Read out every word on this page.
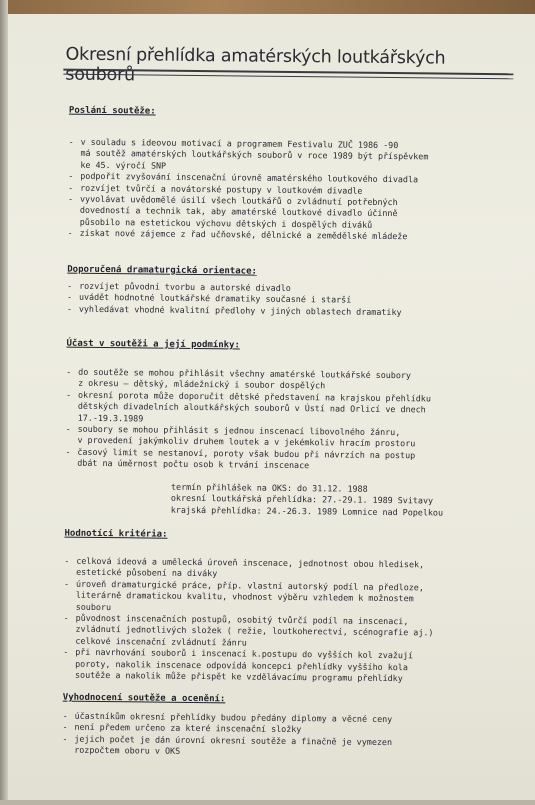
Okresní přehlídka amatérských loutkářských souborů
Poslání soutěže:
- v souladu s ideovou motivací a programem Festivalu ZUČ 1986 -90
má soutěž amatérských loutkářských souborů v roce 1989 být příspěvkem
ke 45. výročí SNP
- podpořit zvyšování inscenační úrovně amatérského loutkového divadla
- rozvíjet tvůrčí a novátorské postupy v loutkovém divadle
- vyvolávat uvědomělé úsilí všech loutkářů o zvládnutí potřebných
dovedností a technik tak, aby amatérské loutkové divadlo účinně
působilo na estetickou výchovu dětských i dospělých diváků
- získat nové zájemce z řad učňovské, dělnické a zemědělské mládeže
Doporučená dramaturgická orientace:
- rozvíjet původní tvorbu a autorské divadlo
- uvádět hodnotné loutkářské dramatiky současné i starší
- vyhledávat vhodné kvalitní předlohy v jiných oblastech dramatiky
Účast v soutěži a její podmínky:
- do soutěže se mohou přihlásit všechny amatérské loutkářské soubory
z okresu – dětský, mládežnický i soubor dospělých
- okresní porota může doporučit dětské představení na krajskou přehlídku
dětských divadelních aloutkářských souborů v Ústí nad Orlicí ve dnech
17.-19.3.1989
- soubory se mohou přihlásit s jednou inscenací libovolného žánru,
v provedení jakýmkoliv druhem loutek a v jekémkoliv hracím prostoru
- časový limit se nestanoví, poroty však budou při návrzích na postup
dbát na úměrnost počtu osob k trvání inscenace
termín přihlášek na OKS: do 31.12. 1988
okresní loutkářská přehlídka: 27.-29.1. 1989 Svitavy
krajská přehlídka: 24.-26.3. 1989 Lomnice nad Popelkou
Hodnotící kritéria:
- celková ideová a umělecká úroveň inscenace, jednotnost obou hledisek,
estetické působení na diváky
- úroveň dramaturgické práce, příp. vlastní autorský podíl na předloze,
literárně dramatickou kvalitu, vhodnost výběru vzhledem k možnostem
souboru
- původnost inscenačních postupů, osobitý tvůrčí podíl na inscenaci,
zvládnutí jednotlivých složek ( režie, loutkoherectví, scénografie aj.)
celkové inscenační zvládnutí žánru
- při navrhování souborů i inscenací k.postupu do vyšších kol zvažují
poroty, nakolik inscenace odpovídá koncepci přehlídky vyššího kola
soutěže a nakolik může přispět ke vzdělávacímu programu přehlídky
Vyhodnocení soutěže a ocenění:
- účastníkům okresní přehlídky budou předány diplomy a věcné ceny
- není předem určeno za které inscenační složky
- jejich počet je dán úrovní okresní soutěže a finačně je vymezen
rozpočtem oboru v OKS
